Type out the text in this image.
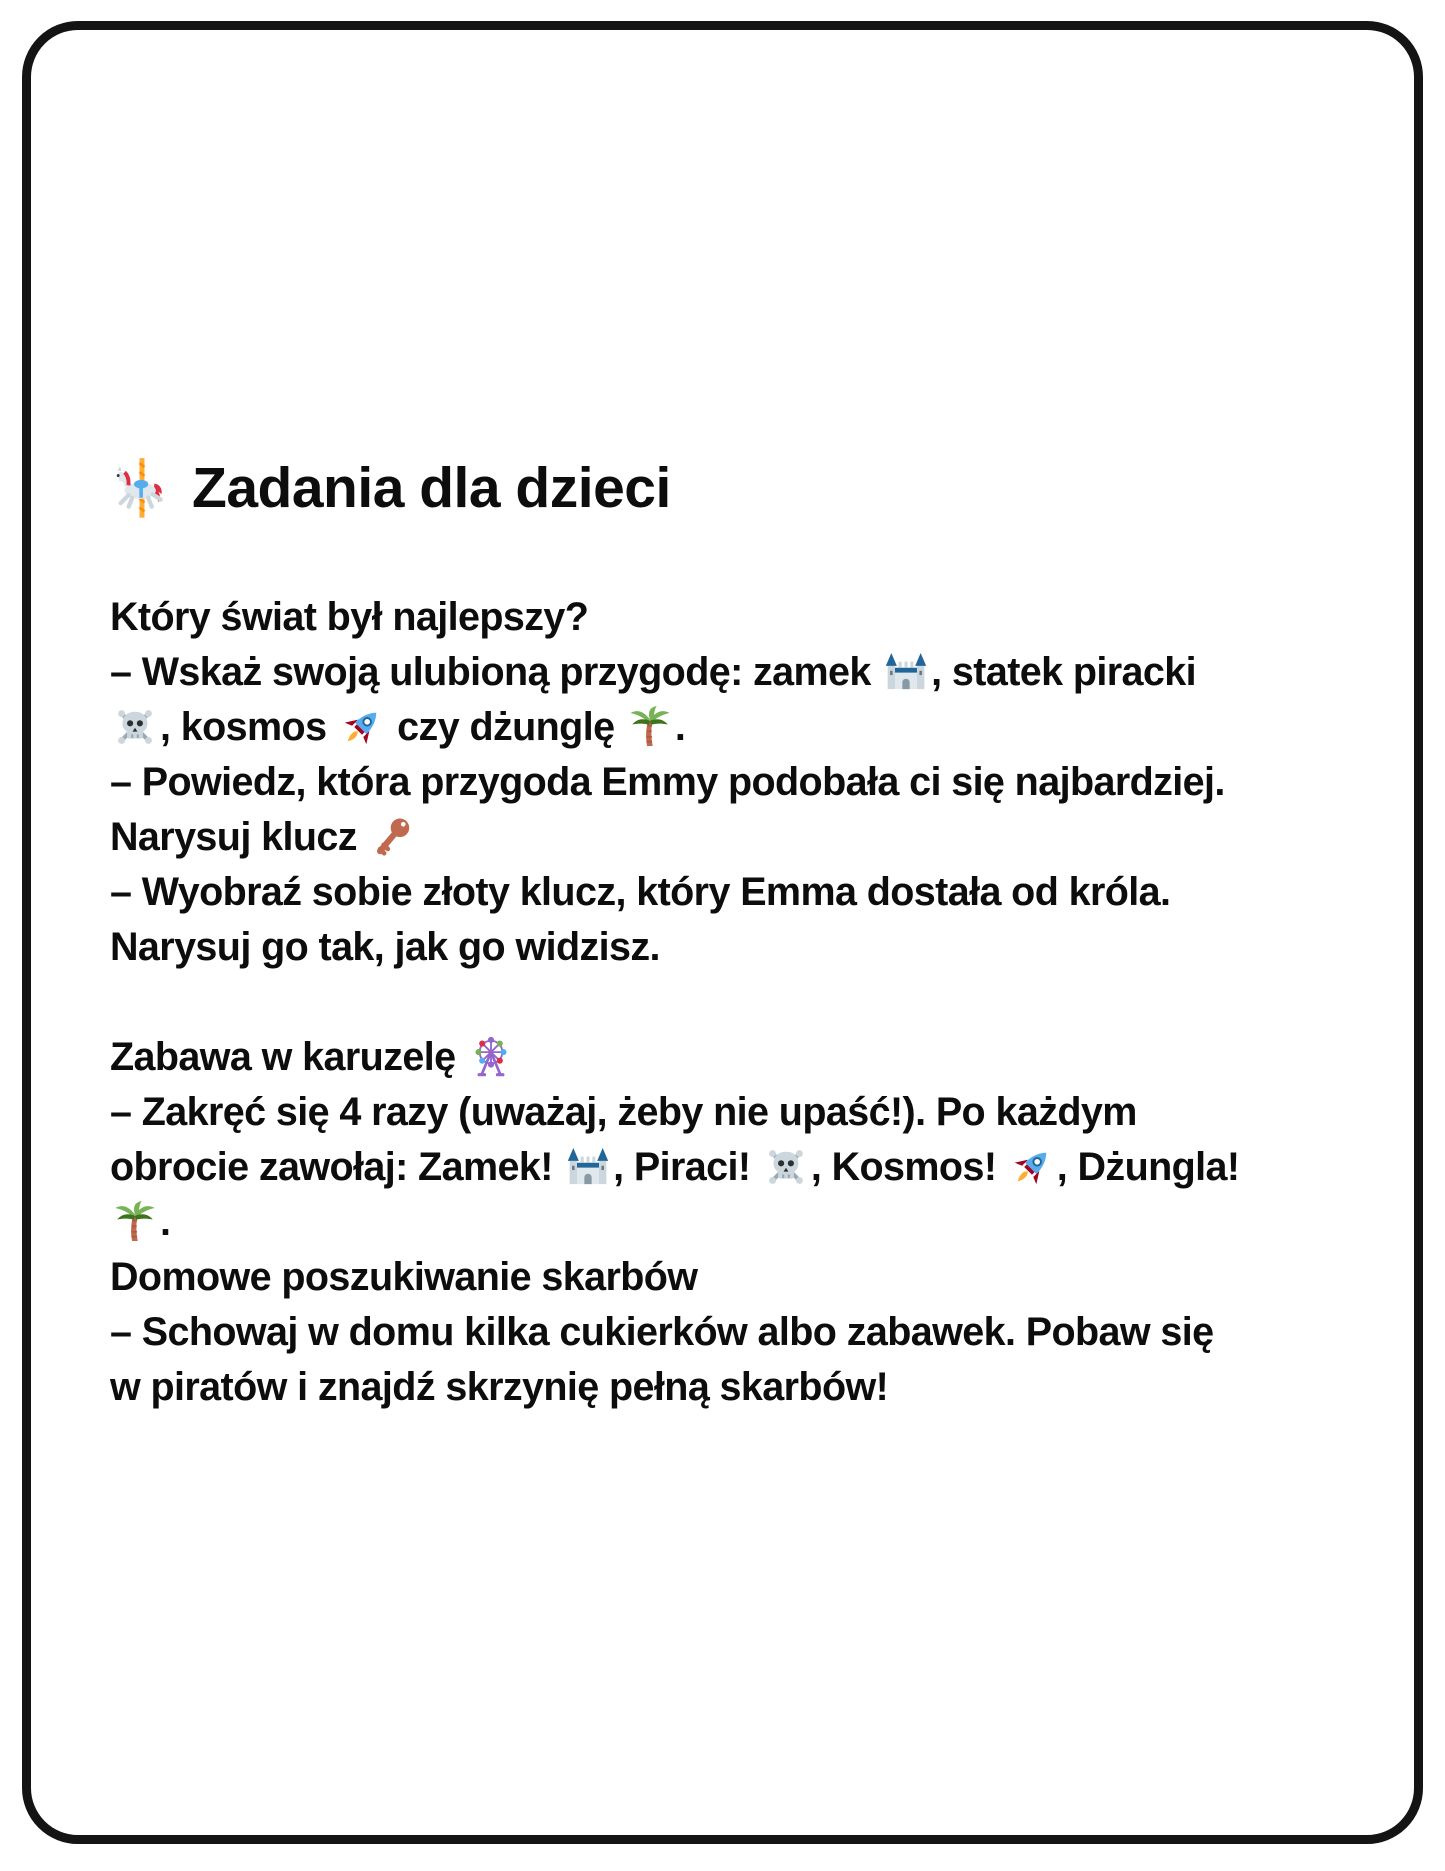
Zadania dla dzieci
Który świat był najlepszy?
– Wskaż swoją ulubioną przygodę: zamek
, statek piracki
, kosmos
czy dżunglę
.
– Powiedz, która przygoda Emmy podobała ci się najbardziej.
Narysuj klucz
– Wyobraź sobie złoty klucz, który Emma dostała od króla.
Narysuj go tak, jak go widzisz.
Zabawa w karuzelę
– Zakręć się 4 razy (uważaj, żeby nie upaść!). Po każdym
obrocie zawołaj: Zamek!
, Piraci!
, Kosmos!
, Dżungla!
.
Domowe poszukiwanie skarbów
– Schowaj w domu kilka cukierków albo zabawek. Pobaw się
w piratów i znajdź skrzynię pełną skarbów!
